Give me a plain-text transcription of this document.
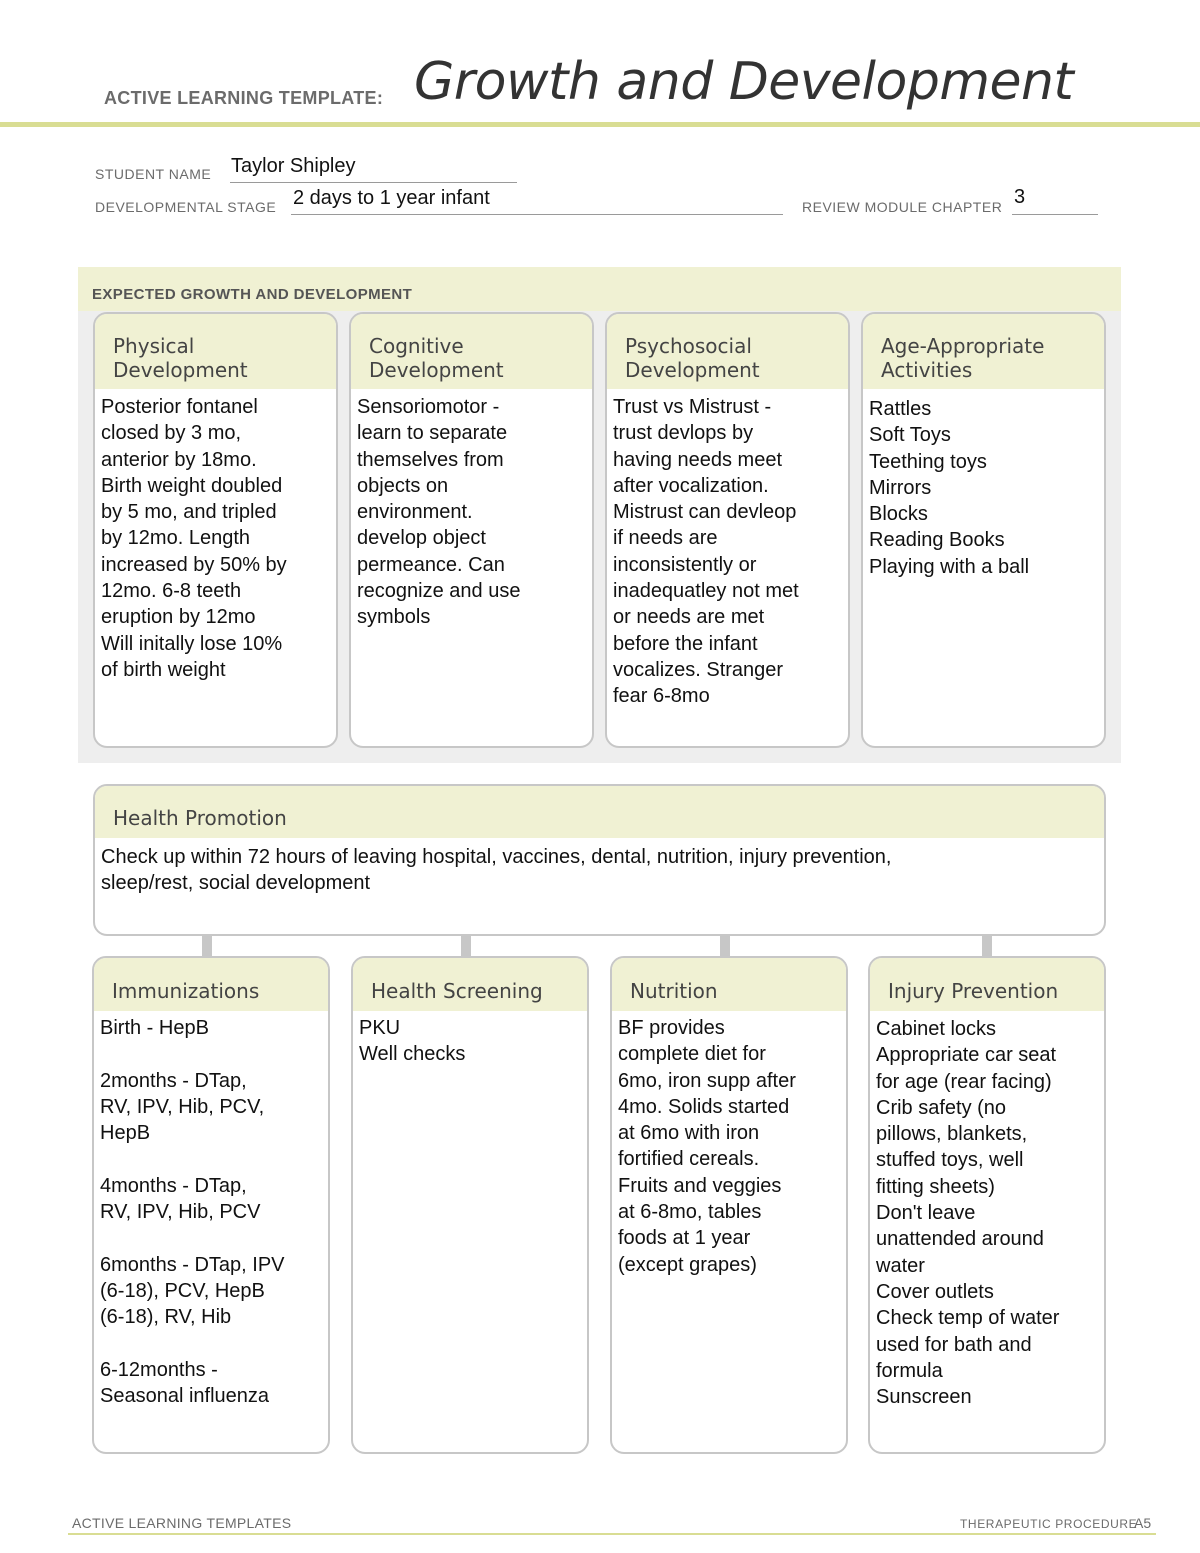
ACTIVE LEARNING TEMPLATE: Growth and Development
STUDENT NAME Taylor Shipley
DEVELOPMENTAL STAGE 2 days to 1 year infant	REVIEW MODULE CHAPTER 3
EXPECTED GROWTH AND DEVELOPMENT
Physical
Development
Posterior fontanel
closed by 3 mo,
anterior by 18mo.
Birth weight doubled
by 5 mo, and tripled
by 12mo. Length
increased by 50% by
12mo. 6-8 teeth
eruption by 12mo
Will initally lose 10%
of birth weight
Cognitive
Development
Sensoriomotor -
learn to separate
themselves from
objects on
environment.
develop object
permeance. Can
recognize and use
symbols
Psychosocial
Development
Trust vs Mistrust -
trust devlops by
having needs meet
after vocalization.
Mistrust can devleop
if needs are
inconsistently or
inadequatley not met
or needs are met
before the infant
vocalizes. Stranger
fear 6-8mo
Age-Appropriate
Activities
Rattles
Soft Toys
Teething toys
Mirrors
Blocks
Reading Books
Playing with a ball
Health Promotion
Check up within 72 hours of leaving hospital, vaccines, dental, nutrition, injury prevention,
sleep/rest, social development
Immunizations
Birth - HepB

2months - DTap,
RV, IPV, Hib, PCV,
HepB

4months - DTap,
RV, IPV, Hib, PCV

6months - DTap, IPV
(6-18), PCV, HepB
(6-18), RV, Hib

6-12months -
Seasonal influenza
Health Screening
PKU
Well checks
Nutrition
BF provides
complete diet for
6mo, iron supp after
4mo. Solids started
at 6mo with iron
fortified cereals.
Fruits and veggies
at 6-8mo, tables
foods at 1 year
(except grapes)
Injury Prevention
Cabinet locks
Appropriate car seat
for age (rear facing)
Crib safety (no
pillows, blankets,
stuffed toys, well
fitting sheets)
Don't leave
unattended around
water
Cover outlets
Check temp of water
used for bath and
formula
Sunscreen
ACTIVE LEARNING TEMPLATES	THERAPEUTIC PROCEDURE
A5
